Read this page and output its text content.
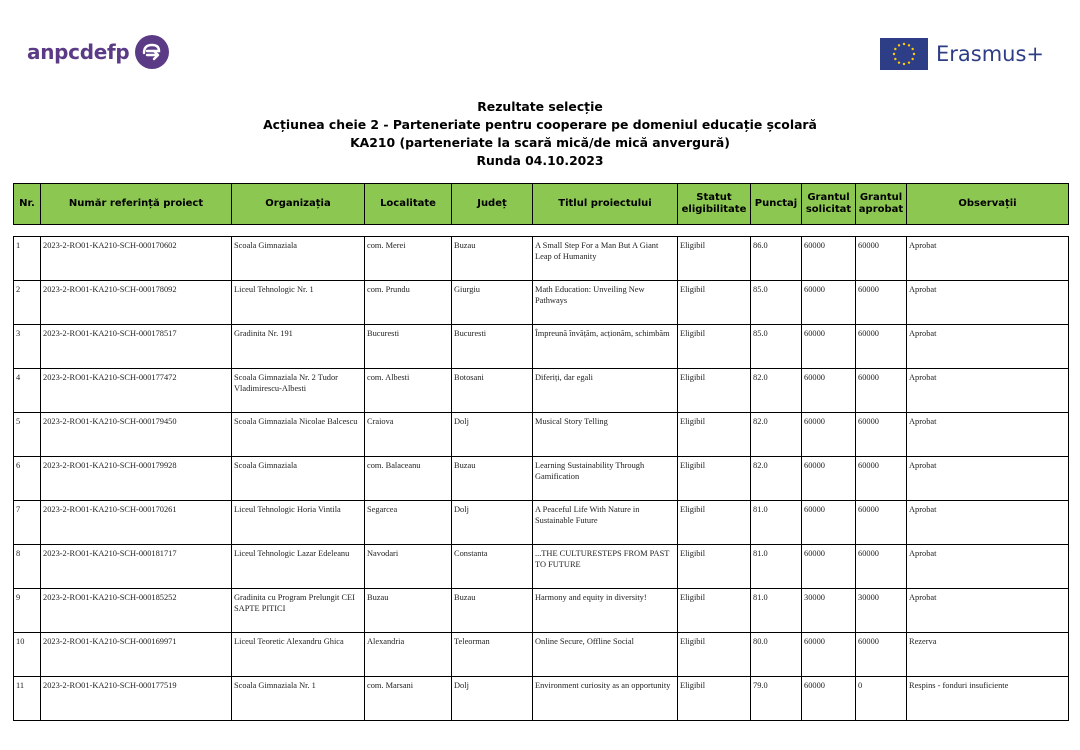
anpcdefp	Erasmus+
Rezultate selecție
Acțiunea cheie 2 - Parteneriate pentru cooperare pe domeniul educație școlară
KA210 (parteneriate la scară mică/de mică anvergură)
Runda 04.10.2023
Nr.	Număr referință proiect	Organizația	Localitate	Județ	Titlul proiectului	Statut eligibilitate	Punctaj	Grantul solicitat	Grantul aprobat	Observații

1	2023-2-RO01-KA210-SCH-000170602	Scoala Gimnaziala	com. Merei	Buzau	A Small Step For a Man But A Giant Leap of Humanity	Eligibil	86.0	60000	60000	Aprobat
2	2023-2-RO01-KA210-SCH-000178092	Liceul Tehnologic Nr. 1	com. Prundu	Giurgiu	Math Education: Unveiling New Pathways	Eligibil	85.0	60000	60000	Aprobat
3	2023-2-RO01-KA210-SCH-000178517	Gradinita Nr. 191	Bucuresti	Bucuresti	Împreună învățăm, acționăm, schimbăm	Eligibil	85.0	60000	60000	Aprobat
4	2023-2-RO01-KA210-SCH-000177472	Scoala Gimnaziala Nr. 2 Tudor Vladimirescu-Albesti	com. Albesti	Botosani	Diferiți, dar egali	Eligibil	82.0	60000	60000	Aprobat
5	2023-2-RO01-KA210-SCH-000179450	Scoala Gimnaziala Nicolae Balcescu	Craiova	Dolj	Musical Story Telling	Eligibil	82.0	60000	60000	Aprobat
6	2023-2-RO01-KA210-SCH-000179928	Scoala Gimnaziala	com. Balaceanu	Buzau	Learning Sustainability Through Gamification	Eligibil	82.0	60000	60000	Aprobat
7	2023-2-RO01-KA210-SCH-000170261	Liceul Tehnologic Horia Vintila	Segarcea	Dolj	A Peaceful Life With Nature in Sustainable Future	Eligibil	81.0	60000	60000	Aprobat
8	2023-2-RO01-KA210-SCH-000181717	Liceul Tehnologic Lazar Edeleanu	Navodari	Constanta	...THE CULTURESTEPS FROM PAST TO FUTURE	Eligibil	81.0	60000	60000	Aprobat
9	2023-2-RO01-KA210-SCH-000185252	Gradinita cu Program Prelungit CEI SAPTE PITICI	Buzau	Buzau	Harmony and equity in diversity!	Eligibil	81.0	30000	30000	Aprobat
10	2023-2-RO01-KA210-SCH-000169971	Liceul Teoretic Alexandru Ghica	Alexandria	Teleorman	Online Secure, Offline Social	Eligibil	80.0	60000	60000	Rezerva
11	2023-2-RO01-KA210-SCH-000177519	Scoala Gimnaziala Nr. 1	com. Marsani	Dolj	Environment curiosity as an opportunity	Eligibil	79.0	60000	0	Respins - fonduri insuficiente
